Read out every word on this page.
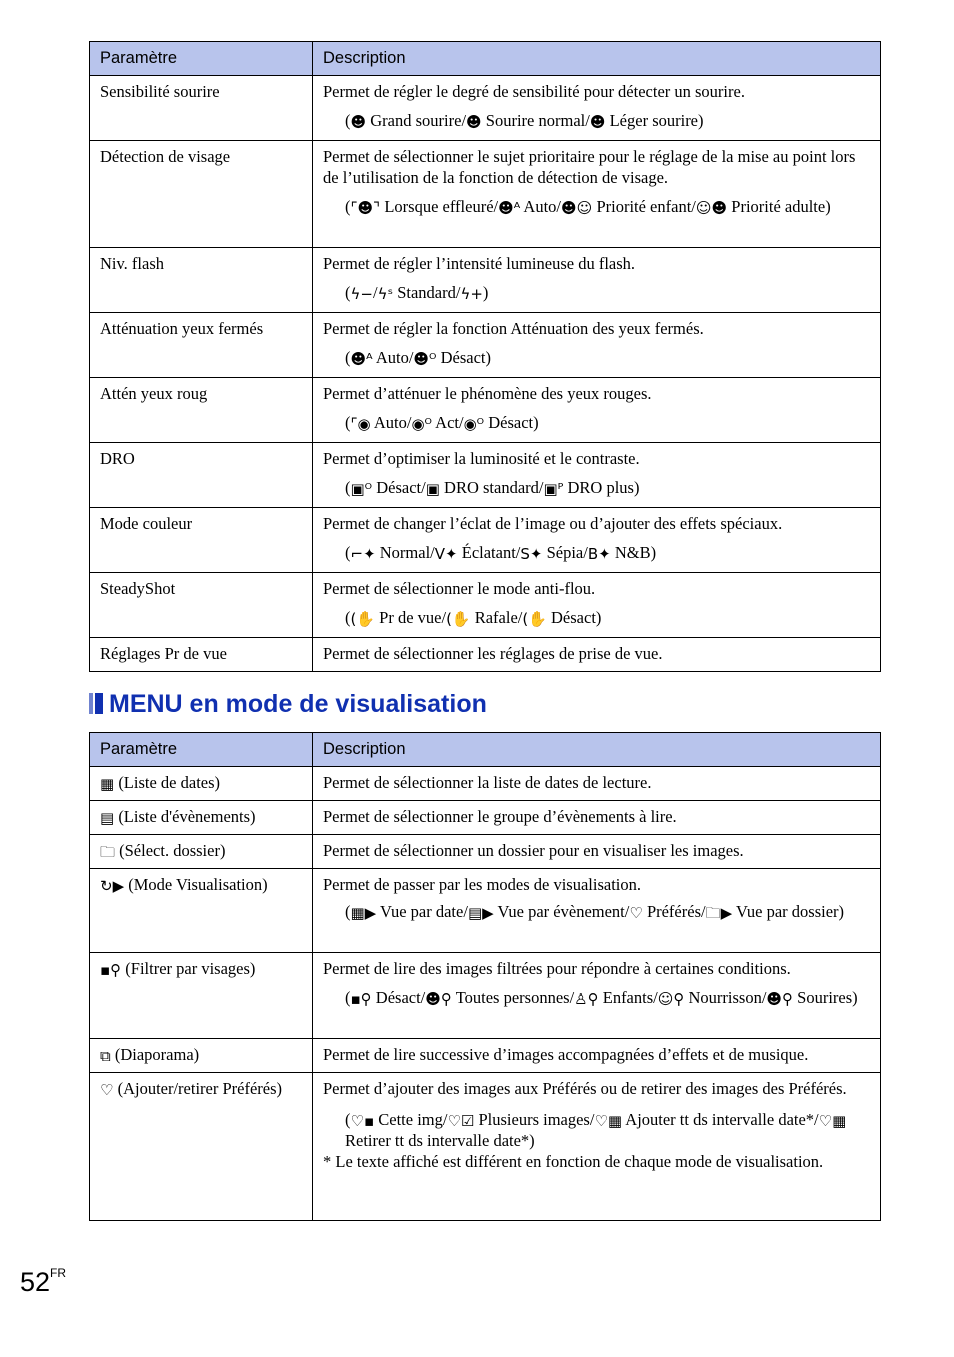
Paramètre	Description
Sensibilité sourire	Permet de régler le degré de sensibilité pour détecter un sourire.

(☻ Grand sourire/☻ Sourire normal/☻ Léger sourire)

Détection de visage	Permet de sélectionner le sujet prioritaire pour le réglage de la mise au point lors de l’utilisation de la fonction de détection de visage.

(⌜☻⌝ Lorsque effleuré/☻ᴬ Auto/☻☺ Priorité enfant/☺☻ Priorité adulte)

Niv. flash	Permet de régler l’intensité lumineuse du flash.

(ϟ−/ϟˢ Standard/ϟ+)

Atténuation yeux fermés	Permet de régler la fonction Atténuation des yeux fermés.

(☻ᴬ Auto/☻ᴼ Désact)

Attén yeux roug	Permet d’atténuer le phénomène des yeux rouges.

(⌜◉ Auto/◉ᴼ Act/◉ᴼ Désact)

DRO	Permet d’optimiser la luminosité et le contraste.

(▣ᴼ Désact/▣ DRO standard/▣ᴾ DRO plus)

Mode couleur	Permet de changer l’éclat de l’image ou d’ajouter des effets spéciaux.

(⌐✦ Normal/V✦ Éclatant/S✦ Sépia/B✦ N&B)

SteadyShot	Permet de sélectionner le mode anti-flou.

((✋ Pr de vue/(✋ Rafale/(✋ Désact)

Réglages Pr de vue	Permet de sélectionner les réglages de prise de vue.

MENU en mode de visualisation
Paramètre	Description
▦ (Liste de dates)	Permet de sélectionner la liste de dates de lecture.

▤ (Liste d'évènements)	Permet de sélectionner le groupe d’évènements à lire.

🗀 (Sélect. dossier)	Permet de sélectionner un dossier pour en visualiser les images.

↻▶ (Mode Visualisation)	Permet de passer par les modes de visualisation.

(▦▶ Vue par date/▤▶ Vue par évènement/♡ Préférés/🗀▶ Vue par dossier)

▪⚲ (Filtrer par visages)	Permet de lire des images filtrées pour répondre à certaines conditions.

(▪⚲ Désact/☻⚲ Toutes personnes/♙⚲ Enfants/☺⚲ Nourrisson/☻⚲ Sourires)

⧉ (Diaporama)	Permet de lire successive d’images accompagnées d’effets et de musique.

♡ (Ajouter/retirer Préférés)	Permet d’ajouter des images aux Préférés ou de retirer des images des Préférés.

(♡▪ Cette img/♡☑ Plusieurs images/♡▦ Ajouter tt ds intervalle date*/♡▦ Retirer tt ds intervalle date*)

* Le texte affiché est différent en fonction de chaque mode de visualisation.

$52^{FR}$
